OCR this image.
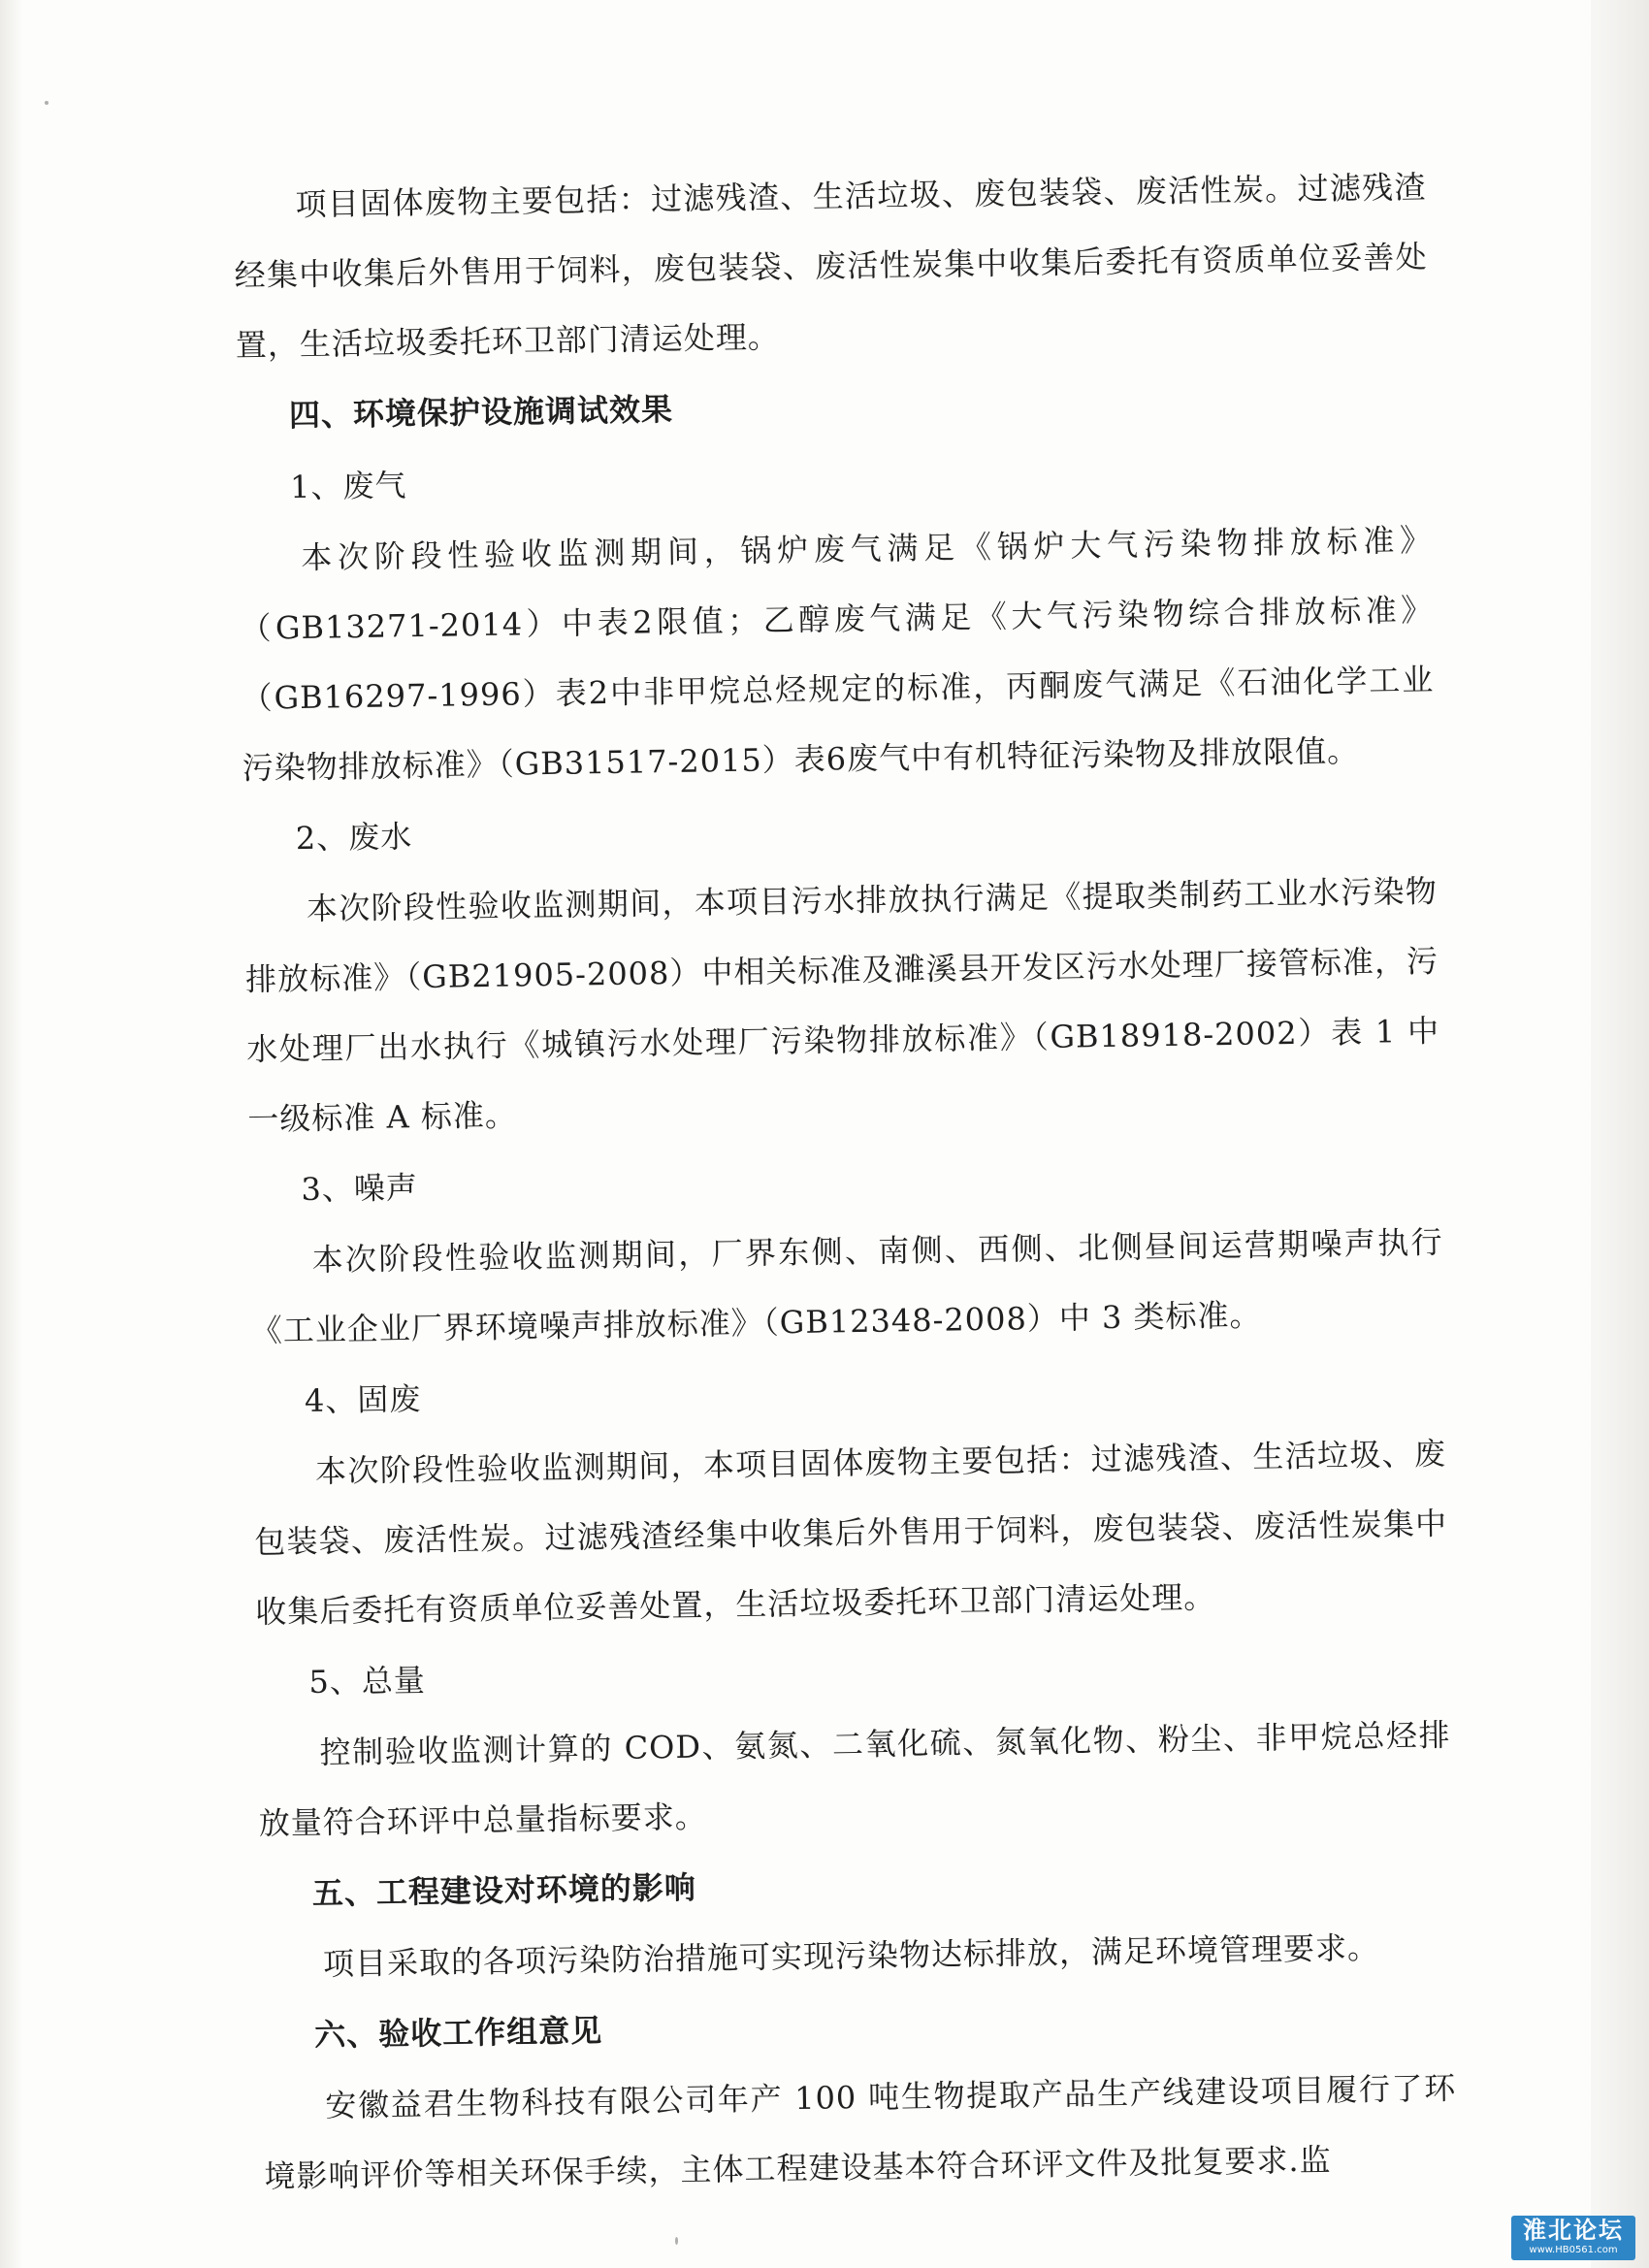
项目固体废物主要包括：过滤残渣、生活垃圾、废包装袋、废活性炭。过滤残渣经集中收集后外售用于饲料，废包装袋、废活性炭集中收集后委托有资质单位妥善处置，生活垃圾委托环卫部门清运处理。

四、环境保护设施调试效果

1、废气

本次阶段性验收监测期间，锅炉废气满足《锅炉大气污染物排放标准》（GB13271-2014）中表2限值；乙醇废气满足《大气污染物综合排放标准》（GB16297-1996）表2中非甲烷总烃规定的标准，丙酮废气满足《石油化学工业污染物排放标准》（GB31517-2015）表6废气中有机特征污染物及排放限值。

2、废水

本次阶段性验收监测期间，本项目污水排放执行满足《提取类制药工业水污染物排放标准》（GB21905-2008）中相关标准及濉溪县开发区污水处理厂接管标准，污水处理厂出水执行《城镇污水处理厂污染物排放标准》（GB18918-2002）表 1 中一级标准 A 标准。

3、噪声

本次阶段性验收监测期间，厂界东侧、南侧、西侧、北侧昼间运营期噪声执行《工业企业厂界环境噪声排放标准》（GB12348-2008）中 3 类标准。

4、固废

本次阶段性验收监测期间，本项目固体废物主要包括：过滤残渣、生活垃圾、废包装袋、废活性炭。过滤残渣经集中收集后外售用于饲料，废包装袋、废活性炭集中收集后委托有资质单位妥善处置，生活垃圾委托环卫部门清运处理。

5、总量

控制验收监测计算的 COD、氨氮、二氧化硫、氮氧化物、粉尘、非甲烷总烃排放量符合环评中总量指标要求。

五、工程建设对环境的影响

项目采取的各项污染防治措施可实现污染物达标排放，满足环境管理要求。

六、验收工作组意见

安徽益君生物科技有限公司年产 100 吨生物提取产品生产线建设项目履行了环境影响评价等相关环保手续，主体工程建设基本符合环评文件及批复要求.监

淮北论坛
www.HB0561.com
